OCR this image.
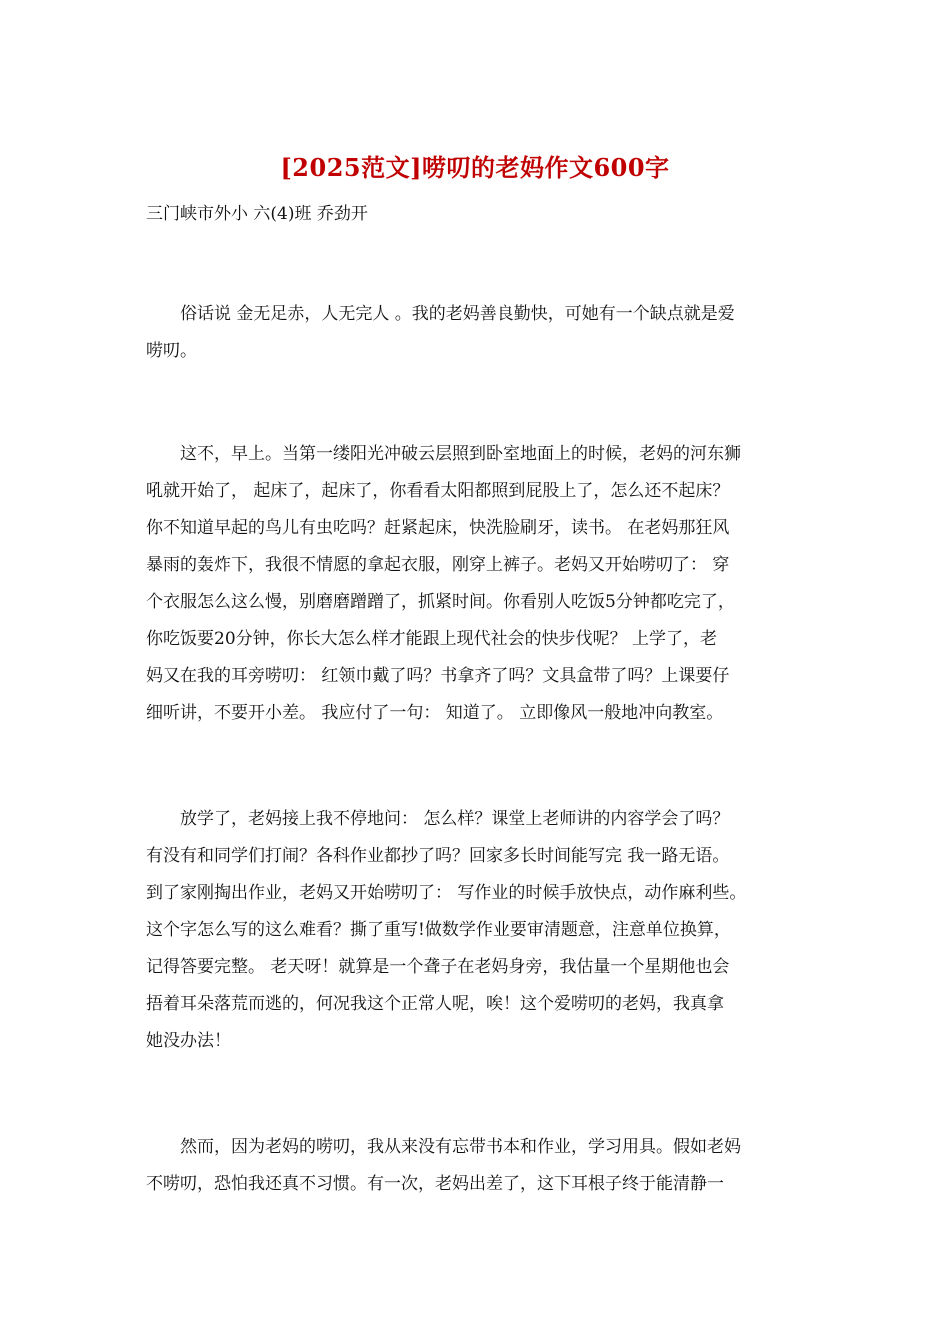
[2025范文]唠叨的老妈作文600字
三门峡市外小 六(4)班 乔劲开
　　俗话说 金无足赤，人无完人 。我的老妈善良勤快，可她有一个缺点就是爱
唠叨。
　　这不，早上。当第一缕阳光冲破云层照到卧室地面上的时候，老妈的河东狮
吼就开始了， 起床了，起床了，你看看太阳都照到屁股上了，怎么还不起床？
你不知道早起的鸟儿有虫吃吗？赶紧起床，快洗脸刷牙，读书。 在老妈那狂风
暴雨的轰炸下，我很不情愿的拿起衣服，刚穿上裤子。老妈又开始唠叨了： 穿
个衣服怎么这么慢，别磨磨蹭蹭了，抓紧时间。你看别人吃饭5分钟都吃完了，
你吃饭要20分钟，你长大怎么样才能跟上现代社会的快步伐呢？ 上学了，老
妈又在我的耳旁唠叨： 红领巾戴了吗？书拿齐了吗？文具盒带了吗？上课要仔
细听讲，不要开小差。 我应付了一句： 知道了。 立即像风一般地冲向教室。
　　放学了，老妈接上我不停地问： 怎么样？课堂上老师讲的内容学会了吗？
有没有和同学们打闹？各科作业都抄了吗？回家多长时间能写完 我一路无语。
到了家刚掏出作业，老妈又开始唠叨了： 写作业的时候手放快点，动作麻利些。
这个字怎么写的这么难看？撕了重写!做数学作业要审清题意，注意单位换算，
记得答要完整。 老天呀！就算是一个聋子在老妈身旁，我估量一个星期他也会
捂着耳朵落荒而逃的，何况我这个正常人呢，唉！这个爱唠叨的老妈，我真拿
她没办法！
　　然而，因为老妈的唠叨，我从来没有忘带书本和作业，学习用具。假如老妈
不唠叨，恐怕我还真不习惯。有一次，老妈出差了，这下耳根子终于能清静一
